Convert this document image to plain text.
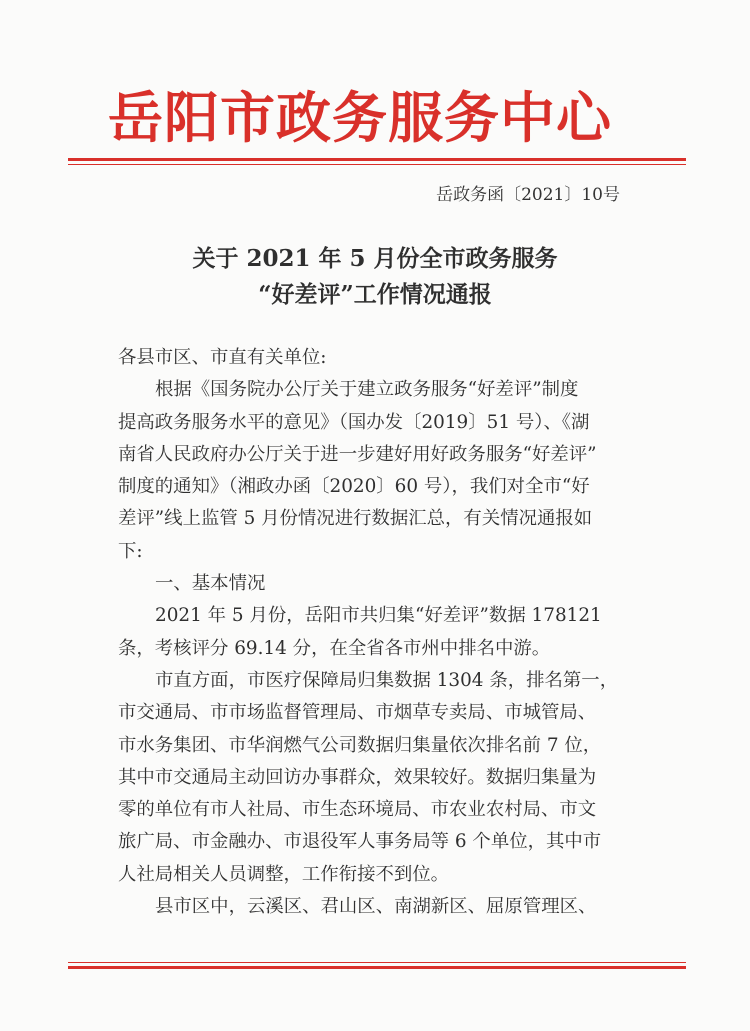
岳阳市政务服务中心
岳政务函〔2021〕10号
关于 2021 年 5 月份全市政务服务
“好差评”工作情况通报
各县市区、市直有关单位:
根据《国务院办公厅关于建立政务服务“好差评”制度
提高政务服务水平的意见》（国办发〔2019〕51 号）、《湖
南省人民政府办公厅关于进一步建好用好政务服务“好差评”
制度的通知》（湘政办函〔2020〕60 号），我们对全市“好
差评”线上监管 5 月份情况进行数据汇总，有关情况通报如
下:
一、基本情况
2021 年 5 月份，岳阳市共归集“好差评”数据 178121
条，考核评分 69.14 分，在全省各市州中排名中游。
市直方面，市医疗保障局归集数据 1304 条，排名第一，
市交通局、市市场监督管理局、市烟草专卖局、市城管局、
市水务集团、市华润燃气公司数据归集量依次排名前 7 位，
其中市交通局主动回访办事群众，效果较好。数据归集量为
零的单位有市人社局、市生态环境局、市农业农村局、市文
旅广局、市金融办、市退役军人事务局等 6 个单位，其中市
人社局相关人员调整，工作衔接不到位。
县市区中，云溪区、君山区、南湖新区、屈原管理区、
